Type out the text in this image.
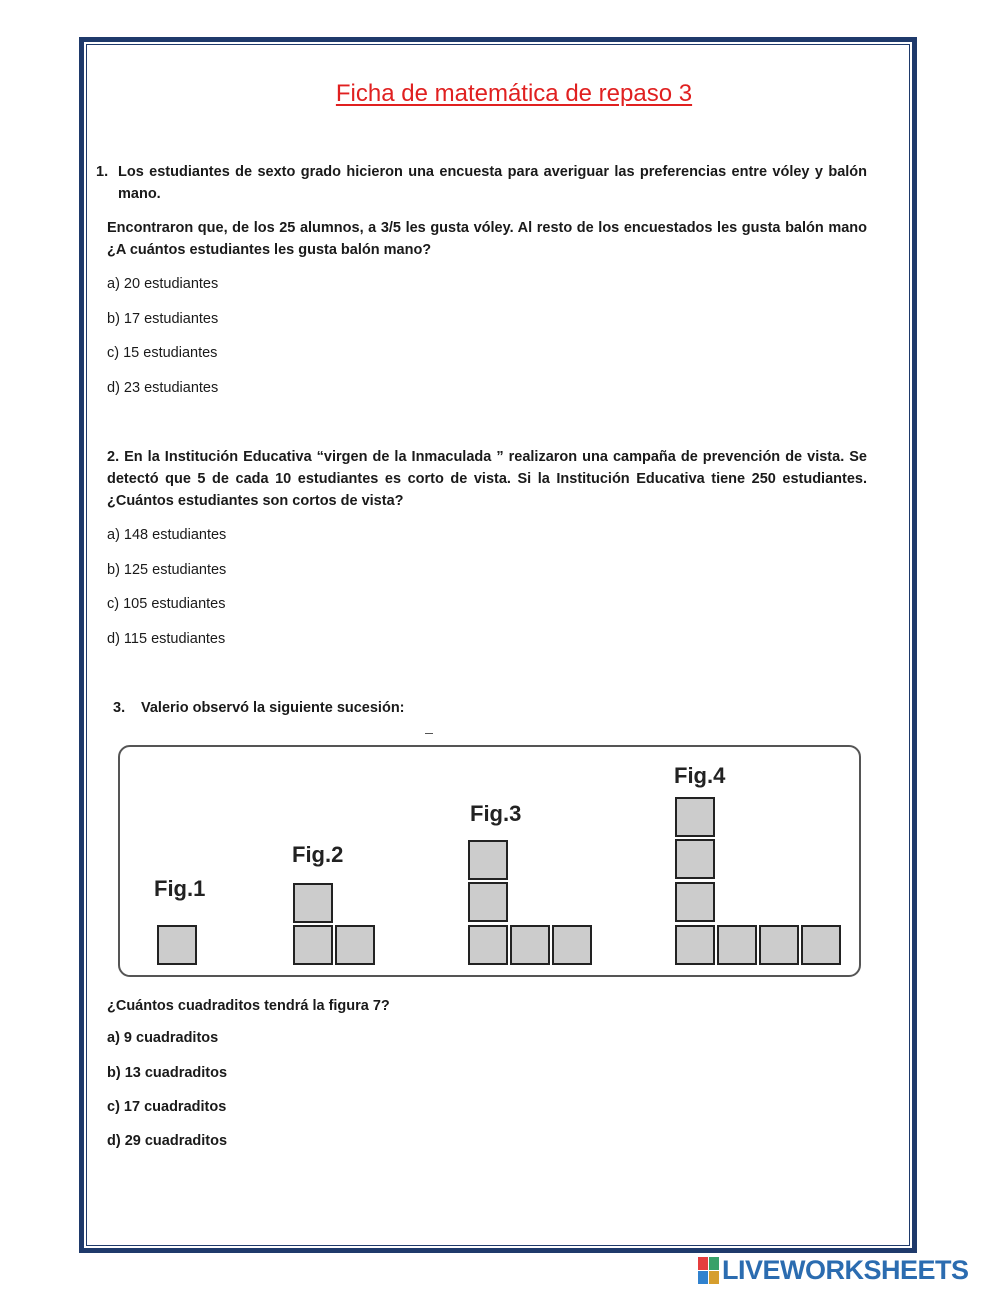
Ficha de matemática de repaso 3
1. Los estudiantes de sexto grado hicieron una encuesta para averiguar las preferencias entre vóley y balón mano.
Encontraron que, de los 25 alumnos, a 3/5 les gusta vóley. Al resto de los encuestados les gusta balón mano ¿A cuántos estudiantes les gusta balón mano?
a) 20 estudiantes
b) 17 estudiantes
c) 15 estudiantes
d) 23 estudiantes
2. En la Institución Educativa “virgen de la Inmaculada ” realizaron una campaña de prevención de vista. Se detectó que 5 de cada 10 estudiantes es corto de vista. Si la Institución Educativa tiene 250 estudiantes. ¿Cuántos estudiantes son cortos de vista?
a) 148 estudiantes
b) 125 estudiantes
c) 105 estudiantes
d) 115 estudiantes
3. Valerio observó la siguiente sucesión:
Fig.1
Fig.2
Fig.3
Fig.4
¿Cuántos cuadraditos tendrá la figura 7?
a) 9 cuadraditos
b) 13 cuadraditos
c) 17 cuadraditos
d) 29 cuadraditos
LIVEWORKSHEETS
